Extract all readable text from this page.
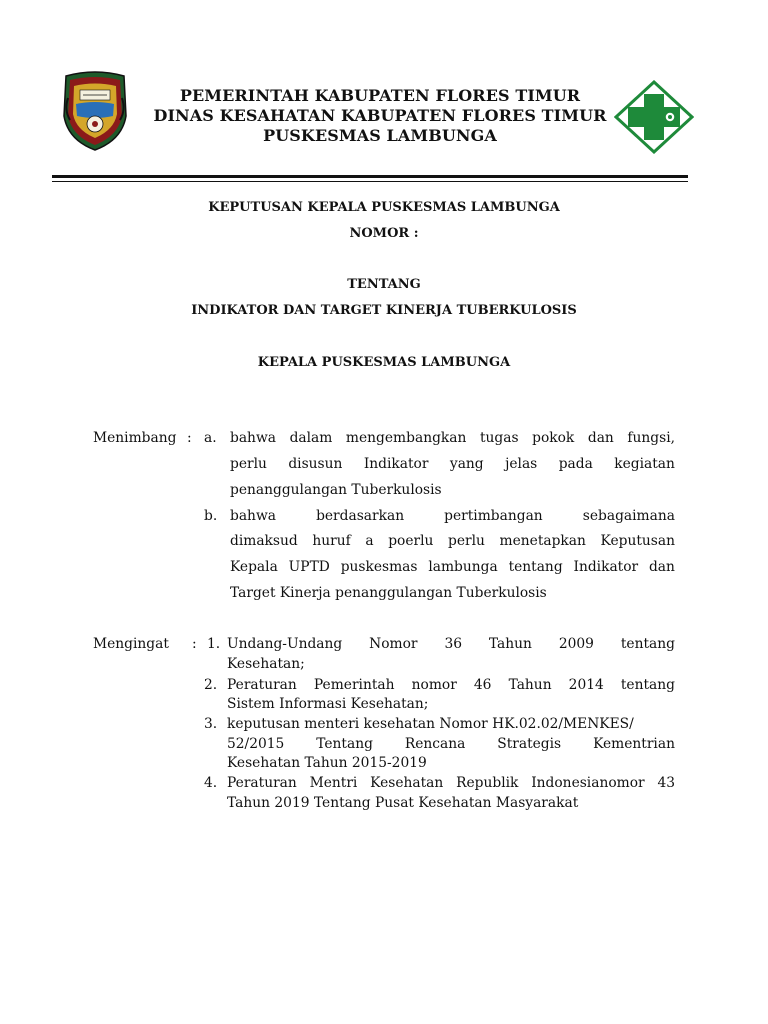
PEMERINTAH KABUPATEN FLORES TIMUR
DINAS KESAHATAN KABUPATEN FLORES TIMUR
PUSKESMAS LAMBUNGA
KEPUTUSAN KEPALA PUSKESMAS LAMBUNGA
NOMOR :
TENTANG
INDIKATOR DAN TARGET KINERJA TUBERKULOSIS
KEPALA PUSKESMAS LAMBUNGA
Menimbang : a. bahwa dalam mengembangkan tugas pokok dan fungsi,
perlu disusun Indikator yang jelas pada kegiatan
penanggulangan Tuberkulosis
b. bahwa	berdasarkan	pertimbangan	sebagaimana
dimaksud huruf a poerlu perlu menetapkan Keputusan
Kepala UPTD puskesmas lambunga tentang Indikator dan
Target Kinerja penanggulangan Tuberkulosis
Mengingat : 1. Undang-Undang Nomor 36 Tahun 2009 tentang
Kesehatan;
2. Peraturan Pemerintah nomor 46 Tahun 2014 tentang
Sistem Informasi Kesehatan;
3. keputusan menteri kesehatan Nomor HK.02.02/MENKES/
52/2015 Tentang Rencana Strategis Kementrian
Kesehatan Tahun 2015-2019
4. Peraturan Mentri Kesehatan Republik Indonesianomor 43
Tahun 2019 Tentang Pusat Kesehatan Masyarakat
